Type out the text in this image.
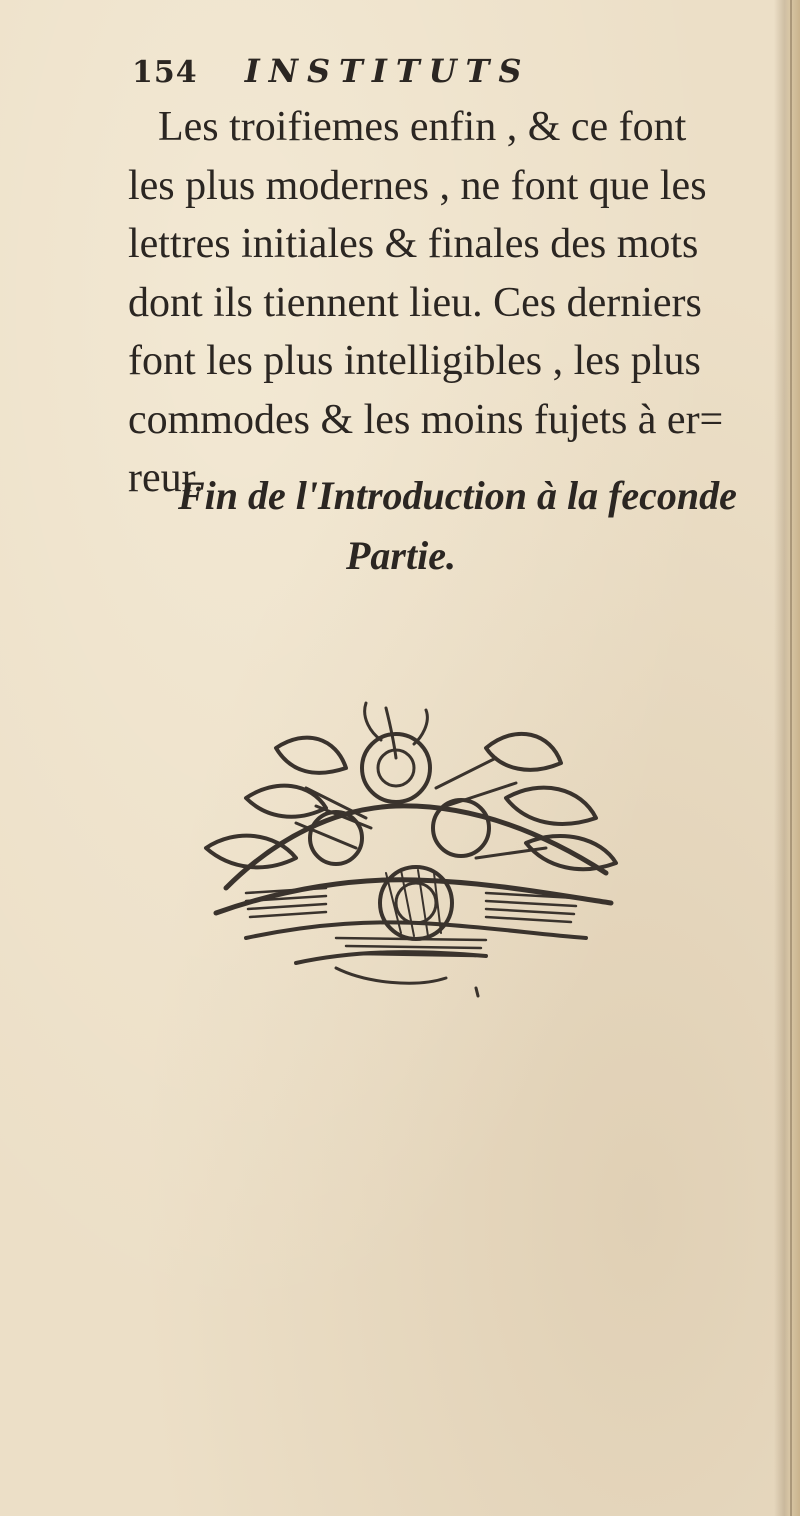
154 INSTITUTS

Les troifiemes enfin , & ce font
les plus modernes , ne font que les
lettres initiales & finales des mots
dont ils tiennent lieu. Ces derniers
font les plus intelligibles , les plus
commodes & les moins fujets à er=
reur.

Fin de l'Introduction à la feconde
Partie.
